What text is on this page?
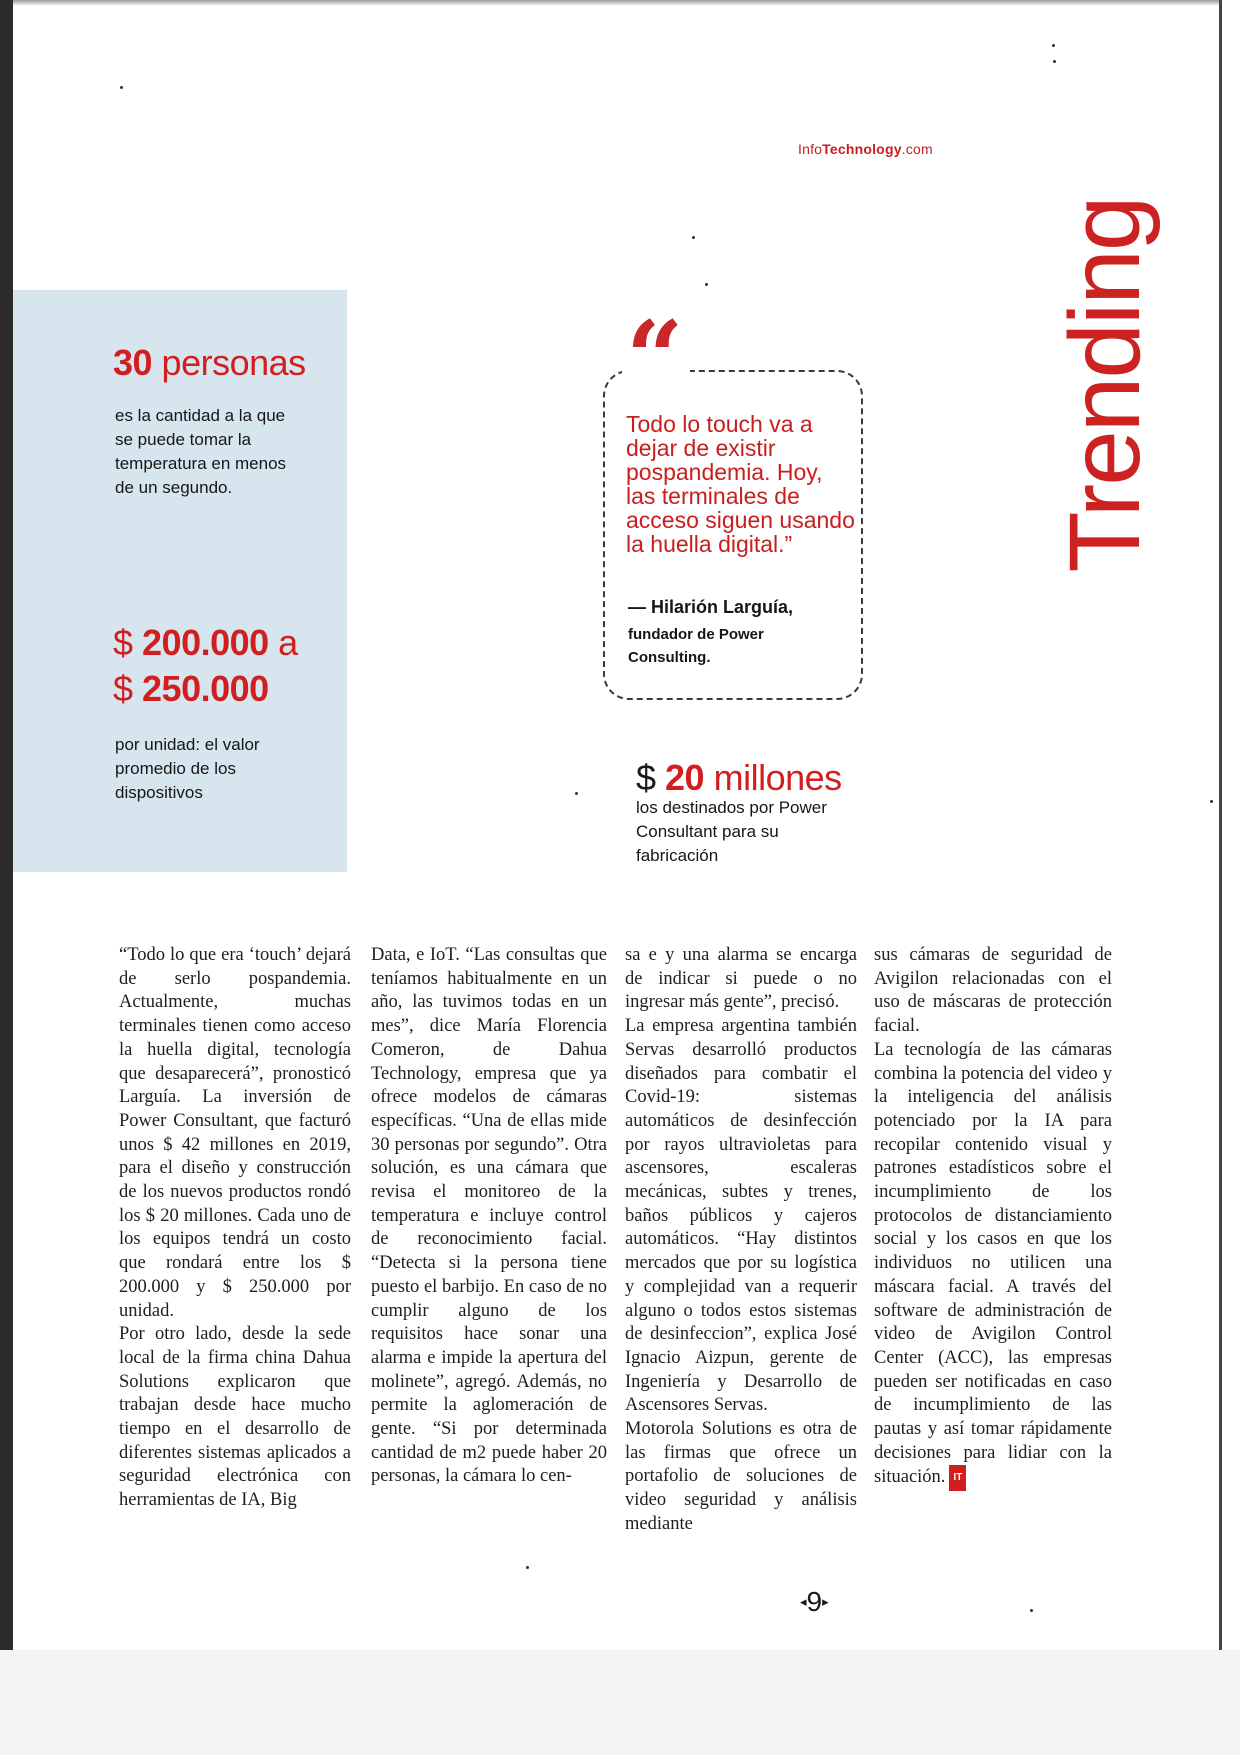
InfoTechnology.com
Trending
30 personas
es la cantidad a la que se puede tomar la temperatura en menos de un segundo.
$ 200.000 a
$ 250.000
por unidad: el valor promedio de los dispositivos
“
Todo lo touch va a dejar de existir pospandemia. Hoy, las terminales de acceso siguen usando la huella digital.”
— Hilarión Larguía,
fundador de Power Consulting.
$ 20 millones
los destinados por Power Consultant para su fabricación

“Todo lo que era ‘touch’ dejará de serlo pospandemia. Actualmente, muchas terminales tienen como acceso la huella digital, tecnología que desaparecerá”, pronosticó Larguía. La inversión de Power Consultant, que facturó unos $ 42 millones en 2019, para el diseño y construcción de los nuevos productos rondó los $ 20 millones. Cada uno de los equipos tendrá un costo que rondará entre los $ 200.000 y $ 250.000 por unidad.

Por otro lado, desde la sede local de la firma china Dahua Solutions explicaron que trabajan desde hace mucho tiempo en el desarrollo de diferentes sistemas aplicados a seguridad electrónica con herramientas de IA, Big

Data, e IoT. “Las consultas que teníamos habitualmente en un año, las tuvimos todas en un mes”, dice María Florencia Comeron, de Dahua Technology, empresa que ya ofrece modelos de cámaras específicas. “Una de ellas mide 30 personas por segundo”. Otra solución, es una cámara que revisa el monitoreo de la temperatura e incluye control de reconocimiento facial. “Detecta si la persona tiene puesto el barbijo. En caso de no cumplir alguno de los requisitos hace sonar una alarma e impide la apertura del molinete”, agregó. Además, no permite la aglomeración de gente. “Si por determinada cantidad de m2 puede haber 20 personas, la cámara lo cen-

sa e y una alarma se encarga de indicar si puede o no ingresar más gente”, precisó.

La empresa argentina también Servas desarrolló productos diseñados para combatir el Covid-19: sistemas automáticos de desinfección por rayos ultravioletas para ascensores, escaleras mecánicas, subtes y trenes, baños públicos y cajeros automáticos. “Hay distintos mercados que por su logística y complejidad van a requerir alguno o todos estos sistemas de desinfeccion”, explica José Ignacio Aizpun, gerente de Ingeniería y Desarrollo de Ascensores Servas.

Motorola Solutions es otra de las firmas que ofrece un portafolio de soluciones de video seguridad y análisis mediante

sus cámaras de seguridad de Avigilon relacionadas con el uso de máscaras de protección facial.

La tecnología de las cámaras combina la potencia del video y la inteligencia del análisis potenciado por la IA para recopilar contenido visual y patrones estadísticos sobre el incumplimiento de los protocolos de distanciamiento social y los casos en que los individuos no utilicen una máscara facial. A través del software de administración de video de Avigilon Control Center (ACC), las empresas pueden ser notificadas en caso de incumplimiento de las pautas y así tomar rápidamente decisiones para lidiar con la situación. IT

◂9▸
